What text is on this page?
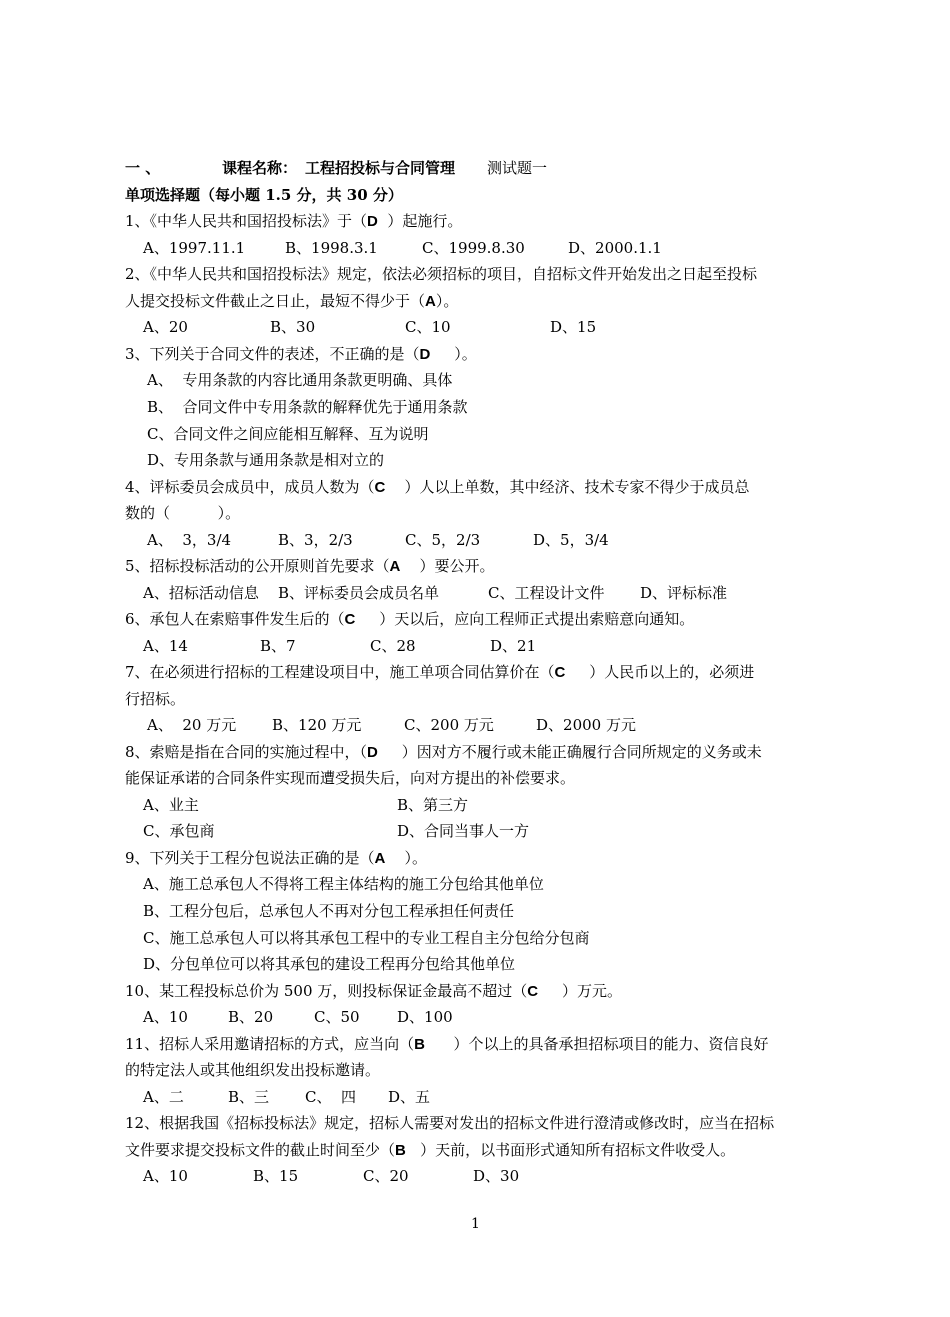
一 、	课程名称： 工程招投标与合同管理 测试题一
单项选择题（每小题 1.5 分，共 30 分）
1、《中华人民共和国招投标法》于（D  ）起施行。
A、1997.11.1	B、1998.3.1	C、1999.8.30	D、2000.1.1
2、《中华人民共和国招投标法》规定，依法必须招标的项目，自招标文件开始发出之日起至投标
人提交投标文件截止之日止，最短不得少于（A）。
A、20	B、30	C、10	D、15
3、下列关于合同文件的表述，不正确的是（D     ）。
A、  专用条款的内容比通用条款更明确、具体
B、  合同文件中专用条款的解释优先于通用条款
C、合同文件之间应能相互解释、互为说明
D、专用条款与通用条款是相对立的
4、评标委员会成员中，成员人数为（C    ）人以上单数，其中经济、技术专家不得少于成员总
数的（          ）。
A、  3，3/4	B、3，2/3	C、5，2/3	D、5，3/4
5、招标投标活动的公开原则首先要求（A    ）要公开。
A、招标活动信息 B、评标委员会成员名单	C、工程设计文件 D、评标标准
6、承包人在索赔事件发生后的（C     ）天以后，应向工程师正式提出索赔意向通知。
A、14	B、7	C、28	D、21
7、在必须进行招标的工程建设项目中，施工单项合同估算价在（C     ）人民币以上的，必须进
行招标。
A、  20 万元 B、120 万元	C、200 万元	D、2000 万元
8、索赔是指在合同的实施过程中，（D     ）因对方不履行或未能正确履行合同所规定的义务或未
能保证承诺的合同条件实现而遭受损失后，向对方提出的补偿要求。
A、业主	B、第三方
C、承包商	D、合同当事人一方
9、下列关于工程分包说法正确的是（A    ）。
A、施工总承包人不得将工程主体结构的施工分包给其他单位
B、工程分包后，总承包人不再对分包工程承担任何责任
C、施工总承包人可以将其承包工程中的专业工程自主分包给分包商
D、分包单位可以将其承包的建设工程再分包给其他单位
10、某工程投标总价为 500 万，则投标保证金最高不超过（C     ）万元。
A、10	B、20	C、50 D、100
11、招标人采用邀请招标的方式，应当向（B      ）个以上的具备承担招标项目的能力、资信良好
的特定法人或其他组织发出投标邀请。
A、二	B、三 C、  四 D、五
12、根据我国《招标投标法》规定，招标人需要对发出的招标文件进行澄清或修改时，应当在招标
文件要求提交投标文件的截止时间至少（B   ）天前，以书面形式通知所有招标文件收受人。
A、10	B、15	C、20	D、30
1
